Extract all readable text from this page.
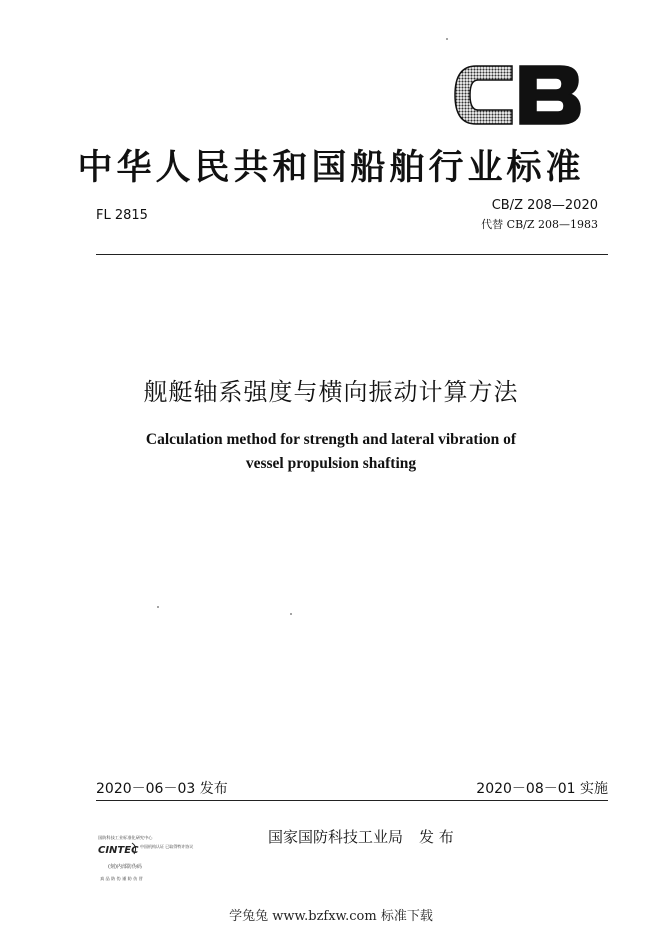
中华人民共和国船舶行业标准
FL 2815
CB/Z 208—2020
代替 CB/Z 208—1983
舰艇轴系强度与横向振动计算方法
Calculation method for strength and lateral vibration of
vessel propulsion shafting
2020－06－03 发布	2020－08－01 实施
国家国防科技工业局 发 布
国防科技工业标准化研究中心
CINTEC 中国机构认证 已取得特许协议
(刻)内部防伪码
真 品 防 伪 谨 防 仿 冒
学兔兔 www.bzfxw.com 标准下载
